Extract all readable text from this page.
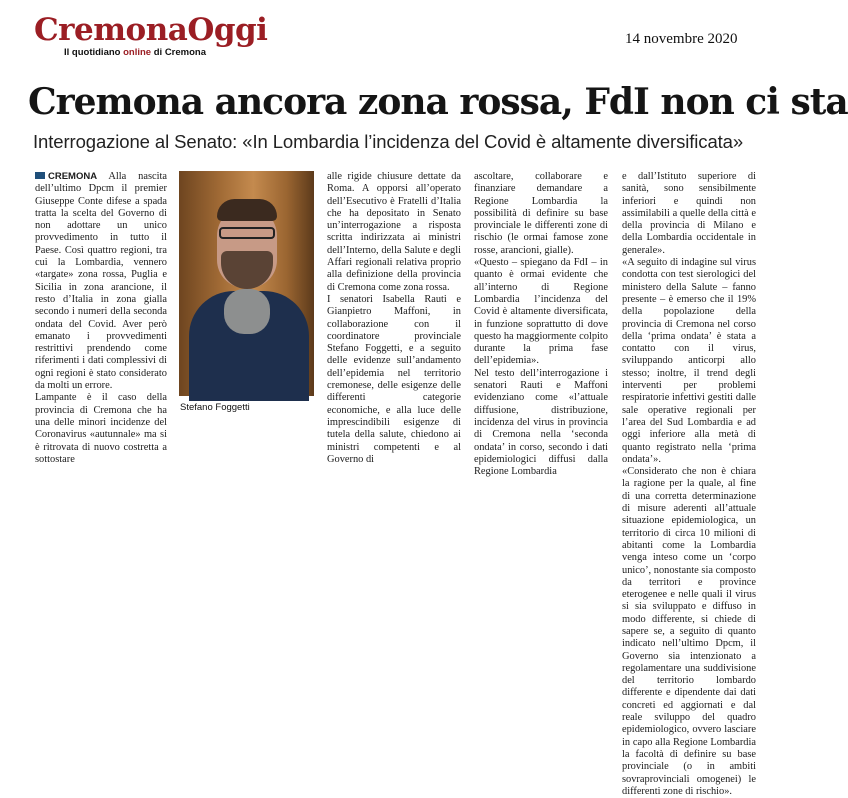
CremonaOggi
Il quotidiano online di Cremona
14 novembre 2020
Cremona ancora zona rossa, FdI non ci sta
Interrogazione al Senato: «In Lombardia l’incidenza del Covid è altamente diversificata»

CREMONA Alla nascita dell’ultimo Dpcm il premier Giuseppe Conte difese a spada tratta la scelta del Governo di non adottare un unico provvedimento in tutto il Paese. Così quattro regioni, tra cui la Lombardia, vennero «targate» zona rossa, Puglia e Sicilia in zona arancione, il resto d’Italia in zona gialla secondo i numeri della seconda ondata del Covid. Aver però emanato i provvedimenti restrittivi prendendo come riferimenti i dati complessivi di ogni regioni è stato considerato da molti un errore.

Lampante è il caso della provincia di Cremona che ha una delle minori incidenze del Coronavirus «autunnale» ma si è ritrovata di nuovo costretta a sottostare

Stefano Foggetti

alle rigide chiusure dettate da Roma. A opporsi all’operato dell’Esecutivo è Fratelli d’Italia che ha depositato in Senato un’interrogazione a risposta scritta indirizzata ai ministri dell’Interno, della Salute e degli Affari regionali relativa proprio alla definizione della provincia di Cremona come zona rossa.

I senatori Isabella Rauti e Gianpietro Maffoni, in collaborazione con il coordinatore provinciale Stefano Foggetti, e a seguito delle evidenze sull’andamento dell’epidemia nel territorio cremonese, delle esigenze delle differenti categorie economiche, e alla luce delle imprescindibili esigenze di tutela della salute, chiedono ai ministri competenti e al Governo di

ascoltare, collaborare e finanziare demandare a Regione Lombardia la possibilità di definire su base provinciale le differenti zone di rischio (le ormai famose zone rosse, arancioni, gialle).

«Questo – spiegano da FdI – in quanto è ormai evidente che all’interno di Regione Lombardia l’incidenza del Covid è altamente diversificata, in funzione soprattutto di dove questo ha maggiormente colpito durante la prima fase dell’epidemia».

Nel testo dell’interrogazione i senatori Rauti e Maffoni evidenziano come «l’attuale diffusione, distribuzione, incidenza del virus in provincia di Cremona nella ‘seconda ondata’ in corso, secondo i dati epidemiologici diffusi dalla Regione Lombardia

e dall’Istituto superiore di sanità, sono sensibilmente inferiori e quindi non assimilabili a quelle della città e della provincia di Milano e della Lombardia occidentale in generale».

«A seguito di indagine sul virus condotta con test sierologici del ministero della Salute – fanno presente – è emerso che il 19% della popolazione della provincia di Cremona nel corso della ‘prima ondata’ è stata a contatto con il virus, sviluppando anticorpi allo stesso; inoltre, il trend degli interventi per problemi respiratorie infettivi gestiti dalle sale operative regionali per l’area del Sud Lombardia e ad oggi inferiore alla metà di quanto registrato nella ‘prima ondata’».

«Considerato che non è chiara la ragione per la quale, al fine di una corretta determinazione di misure aderenti all’attuale situazione epidemiologica, un territorio di circa 10 milioni di abitanti come la Lombardia venga inteso come un ‘corpo unico’, nonostante sia composto da territori e province eterogenee e nelle quali il virus si sia sviluppato e diffuso in modo differente, si chiede di sapere se, a seguito di quanto indicato nell’ultimo Dpcm, il Governo sia intenzionato a regolamentare una suddivisione del territorio lombardo differente e dipendente dai dati concreti ed aggiornati e dal reale sviluppo del quadro epidemiologico, ovvero lasciare in capo alla Regione Lombardia la facoltà di definire su base provinciale (o in ambiti sovraprovinciali omogenei) le differenti zone di rischio».
